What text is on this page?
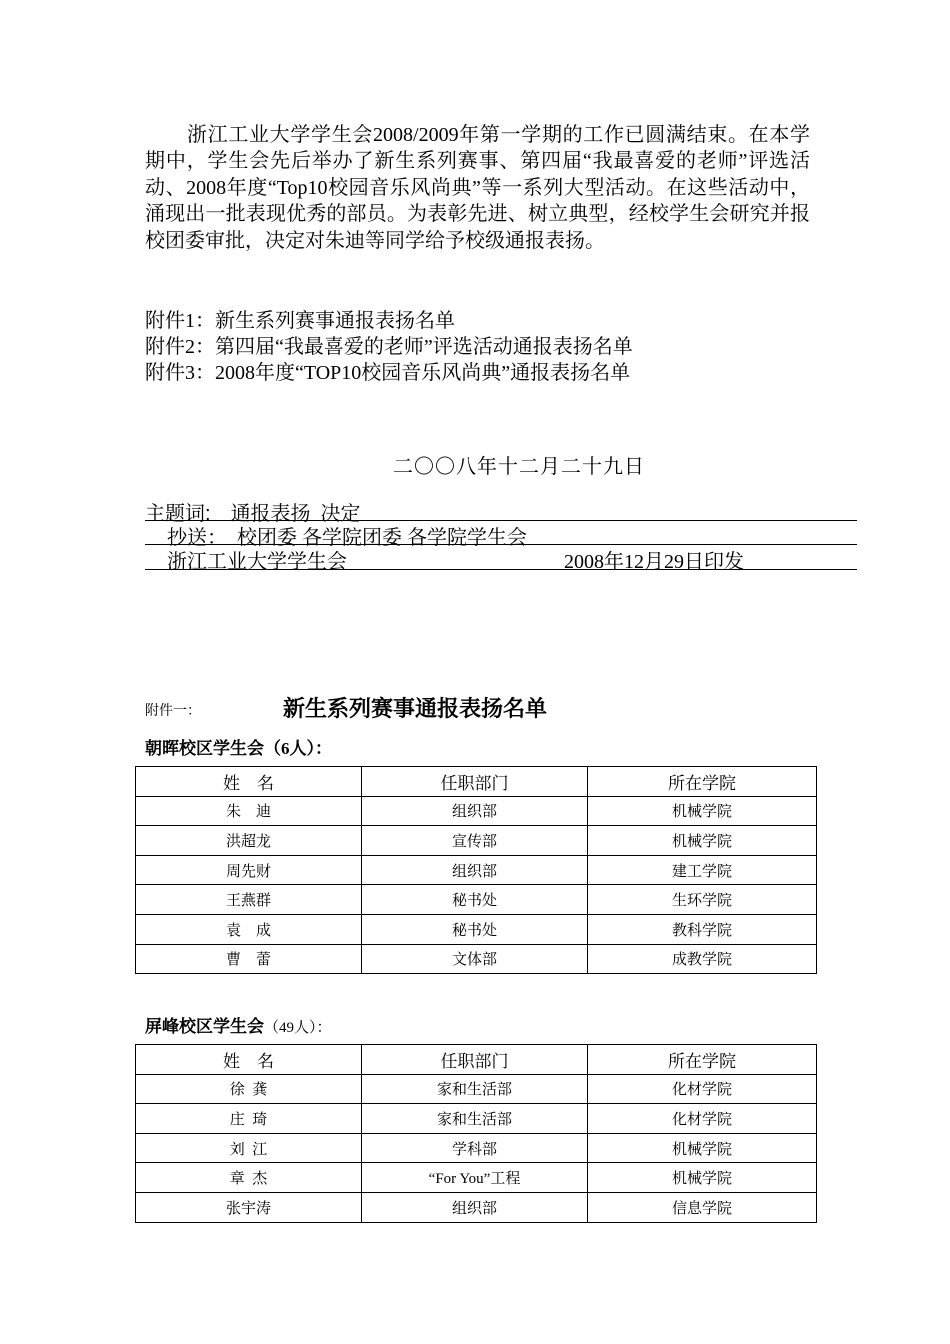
浙江工业大学学生会2008/2009年第一学期的工作已圆满结束。在本学期中，学生会先后举办了新生系列赛事、第四届“我最喜爱的老师”评选活动、2008年度“Top10校园音乐风尚典”等一系列大型活动。在这些活动中，涌现出一批表现优秀的部员。为表彰先进、树立典型，经校学生会研究并报校团委审批，决定对朱迪等同学给予校级通报表扬。

附件1：新生系列赛事通报表扬名单
附件2：第四届“我最喜爱的老师”评选活动通报表扬名单
附件3：2008年度“TOP10校园音乐风尚典”通报表扬名单
二〇〇八年十二月二十九日
主题词: 通报表扬  决定
抄送：  校团委 各学院团委 各学院学生会
浙江工业大学学生会	2008年12月29日印发
附件一：	新生系列赛事通报表扬名单
朝晖校区学生会（6人）：
姓    名	任职部门	所在学院
朱    迪	组织部	机械学院
洪超龙	宣传部	机械学院
周先财	组织部	建工学院
王燕群	秘书处	生环学院
袁    成	秘书处	教科学院
曹    蕾	文体部	成教学院
屏峰校区学生会（49人）：
姓    名	任职部门	所在学院
徐  龚	家和生活部	化材学院
庄  琦	家和生活部	化材学院
刘  江	学科部	机械学院
章  杰	“For You”工程	机械学院
张宇涛	组织部	信息学院
